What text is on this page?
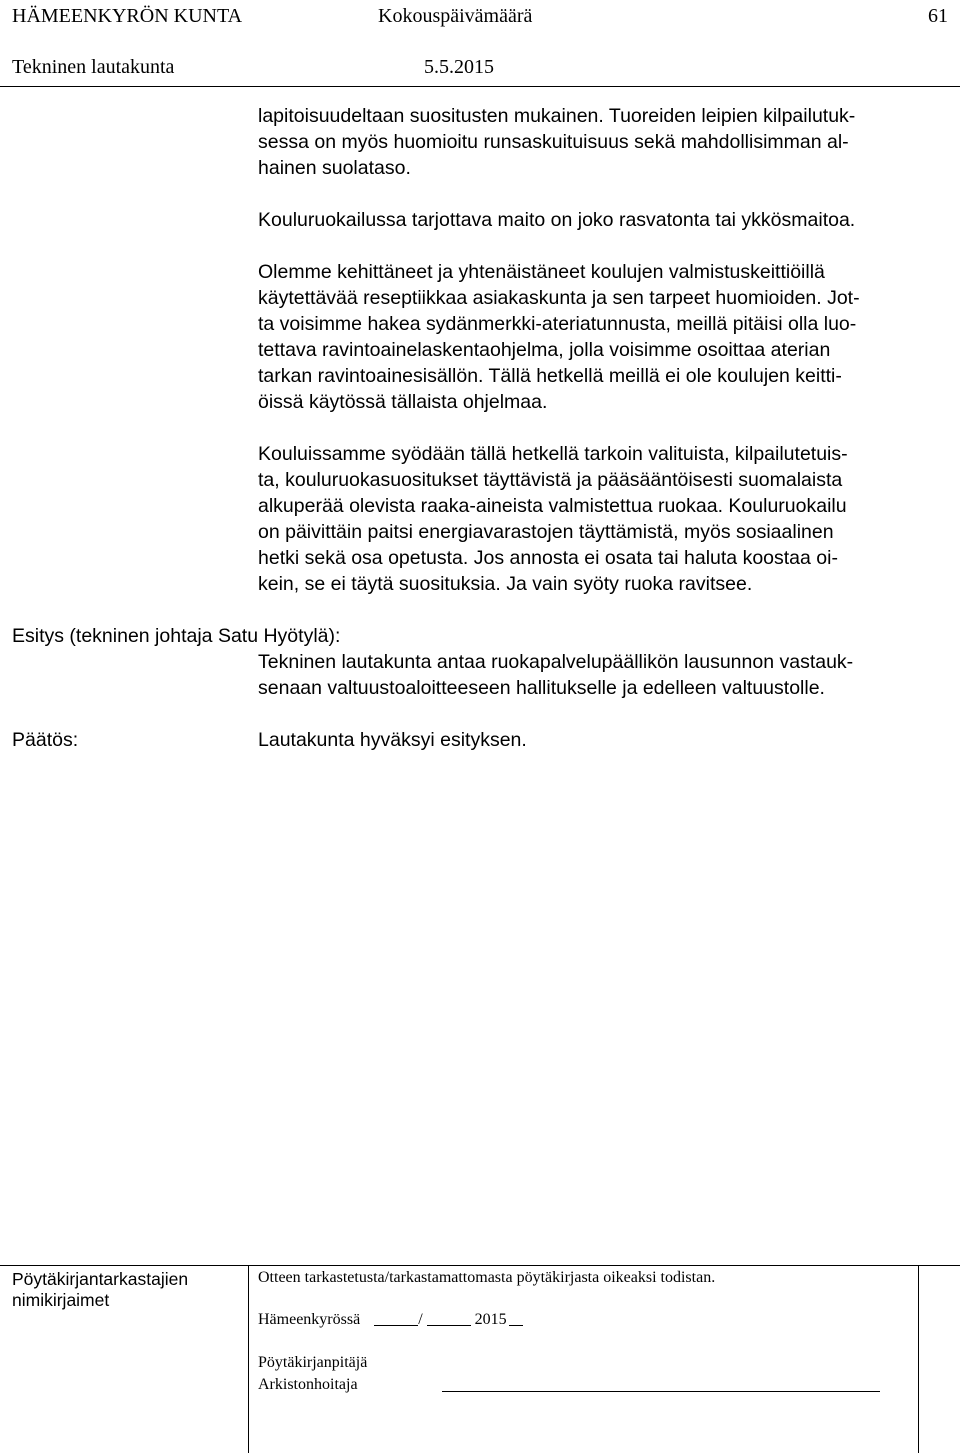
HÄMEENKYRÖN KUNTA	Kokouspäivämäärä	61
Tekninen lautakunta	5.5.2015
lapitoisuudeltaan suositusten mukainen. Tuoreiden leipien kilpailutuk-
sessa on myös huomioitu runsaskuituisuus sekä mahdollisimman al-
hainen suolataso.
Kouluruokailussa tarjottava maito on joko rasvatonta tai ykkösmaitoa.
Olemme kehittäneet ja yhtenäistäneet koulujen valmistuskeittiöillä
käytettävää reseptiikkaa asiakaskunta ja sen tarpeet huomioiden. Jot-
ta voisimme hakea sydänmerkki-ateriatunnusta, meillä pitäisi olla luo-
tettava ravintoainelaskentaohjelma, jolla voisimme osoittaa aterian
tarkan ravintoainesisällön. Tällä hetkellä meillä ei ole koulujen keitti-
öissä käytössä tällaista ohjelmaa.
Kouluissamme syödään tällä hetkellä tarkoin valituista, kilpailutetuis-
ta, kouluruokasuositukset täyttävistä ja pääsääntöisesti suomalaista
alkuperää olevista raaka-aineista valmistettua ruokaa. Kouluruokailu
on päivittäin paitsi energiavarastojen täyttämistä, myös sosiaalinen
hetki sekä osa opetusta. Jos annosta ei osata tai haluta koostaa oi-
kein, se ei täytä suosituksia. Ja vain syöty ruoka ravitsee.
Esitys (tekninen johtaja Satu Hyötylä):
Tekninen lautakunta antaa ruokapalvelupäällikön lausunnon vastauk-
senaan valtuustoaloitteeseen hallitukselle ja edelleen valtuustolle.
Päätös:	Lautakunta hyväksyi esityksen.
Pöytäkirjantarkastajien
nimikirjaimet
Otteen tarkastetusta/tarkastamattomasta pöytäkirjasta oikeaksi todistan.
Hämeenkyrössä	/	2015
Pöytäkirjanpitäjä
Arkistonhoitaja
